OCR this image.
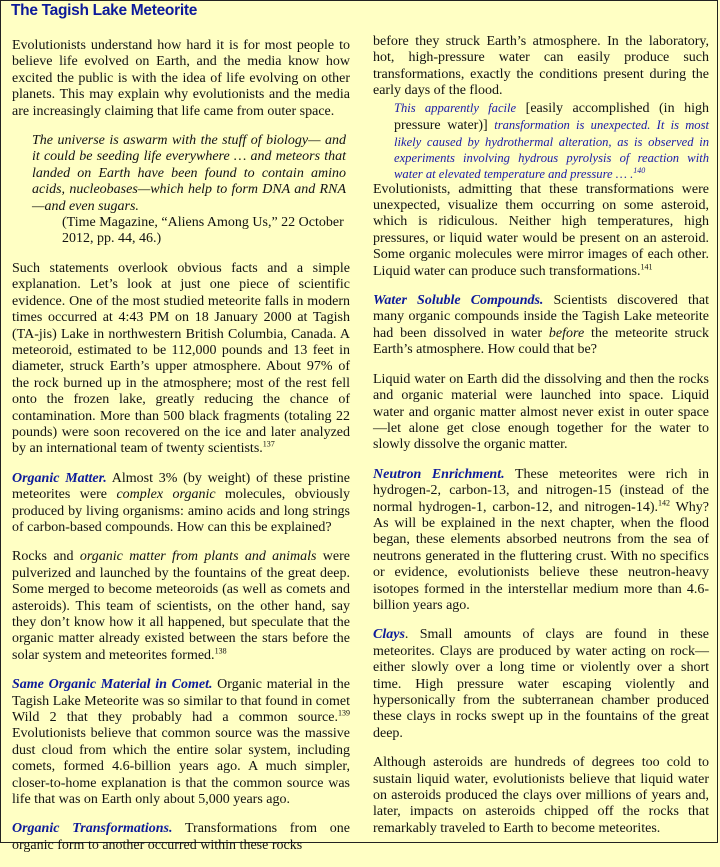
The Tagish Lake Meteorite

Evolutionists understand how hard it is for most people to believe life evolved on Earth, and the media know how excited the public is with the idea of life evolving on other planets. This may explain why evolutionists and the media are increasingly claiming that life came from outer space.

The universe is aswarm with the stuff of biology— and it could be seeding life everywhere … and meteors that landed on Earth have been found to contain amino acids, nucleobases—which help to form DNA and RNA—and even sugars.
(Time Magazine, “Aliens Among Us,” 22 October 2012, pp. 44, 46.)

Such statements overlook obvious facts and a simple explanation. Let’s look at just one piece of scientific evidence. One of the most studied meteorite falls in modern times occurred at 4:43 PM on 18 January 2000 at Tagish (TA-jis) Lake in northwestern British Columbia, Canada. A meteoroid, estimated to be 112,000 pounds and 13 feet in diameter, struck Earth’s upper atmosphere. About 97% of the rock burned up in the atmosphere; most of the rest fell onto the frozen lake, greatly reducing the chance of contamination. More than 500 black fragments (totaling 22 pounds) were soon recovered on the ice and later analyzed by an international team of twenty scientists.$^{137}$

Organic Matter. Almost 3% (by weight) of these pristine meteorites were complex organic molecules, obviously produced by living organisms: amino acids and long strings of carbon-based compounds. How can this be explained?

Rocks and organic matter from plants and animals were pulverized and launched by the fountains of the great deep. Some merged to become meteoroids (as well as comets and asteroids). This team of scientists, on the other hand, say they don’t know how it all happened, but speculate that the organic matter already existed between the stars before the solar system and meteorites formed.$^{138}$

Same Organic Material in Comet. Organic material in the Tagish Lake Meteorite was so similar to that found in comet Wild 2 that they probably had a common source.$^{139}$ Evolutionists believe that common source was the massive dust cloud from which the entire solar system, including comets, formed 4.6-billion years ago. A much simpler, closer-to-home explanation is that the common source was life that was on Earth only about 5,000 years ago.

Organic Transformations. Transformations from one organic form to another occurred within these rocks

before they struck Earth’s atmosphere. In the laboratory, hot, high-pressure water can easily produce such transformations, exactly the conditions present during the early days of the flood.

This apparently facile [easily accomplished (in high pressure water)] transformation is unexpected. It is most likely caused by hydrothermal alteration, as is observed in experiments involving hydrous pyrolysis of reaction with water at elevated temperature and pressure … .$^{140}$

Evolutionists, admitting that these transformations were unexpected, visualize them occurring on some asteroid, which is ridiculous. Neither high temperatures, high pressures, or liquid water would be present on an asteroid. Some organic molecules were mirror images of each other. Liquid water can produce such transformations.$^{141}$

Water Soluble Compounds. Scientists discovered that many organic compounds inside the Tagish Lake meteorite had been dissolved in water before the meteorite struck Earth’s atmosphere. How could that be?

Liquid water on Earth did the dissolving and then the rocks and organic material were launched into space. Liquid water and organic matter almost never exist in outer space—let alone get close enough together for the water to slowly dissolve the organic matter.

Neutron Enrichment. These meteorites were rich in hydrogen-2, carbon-13, and nitrogen-15 (instead of the normal hydrogen-1, carbon-12, and nitrogen-14).$^{142}$ Why? As will be explained in the next chapter, when the flood began, these elements absorbed neutrons from the sea of neutrons generated in the fluttering crust. With no specifics or evidence, evolutionists believe these neutron-heavy isotopes formed in the interstellar medium more than 4.6-billion years ago.

Clays. Small amounts of clays are found in these meteorites. Clays are produced by water acting on rock—either slowly over a long time or violently over a short time. High pressure water escaping violently and hypersonically from the subterranean chamber produced these clays in rocks swept up in the fountains of the great deep.

Although asteroids are hundreds of degrees too cold to sustain liquid water, evolutionists believe that liquid water on asteroids produced the clays over millions of years and, later, impacts on asteroids chipped off the rocks that remarkably traveled to Earth to become meteorites.
